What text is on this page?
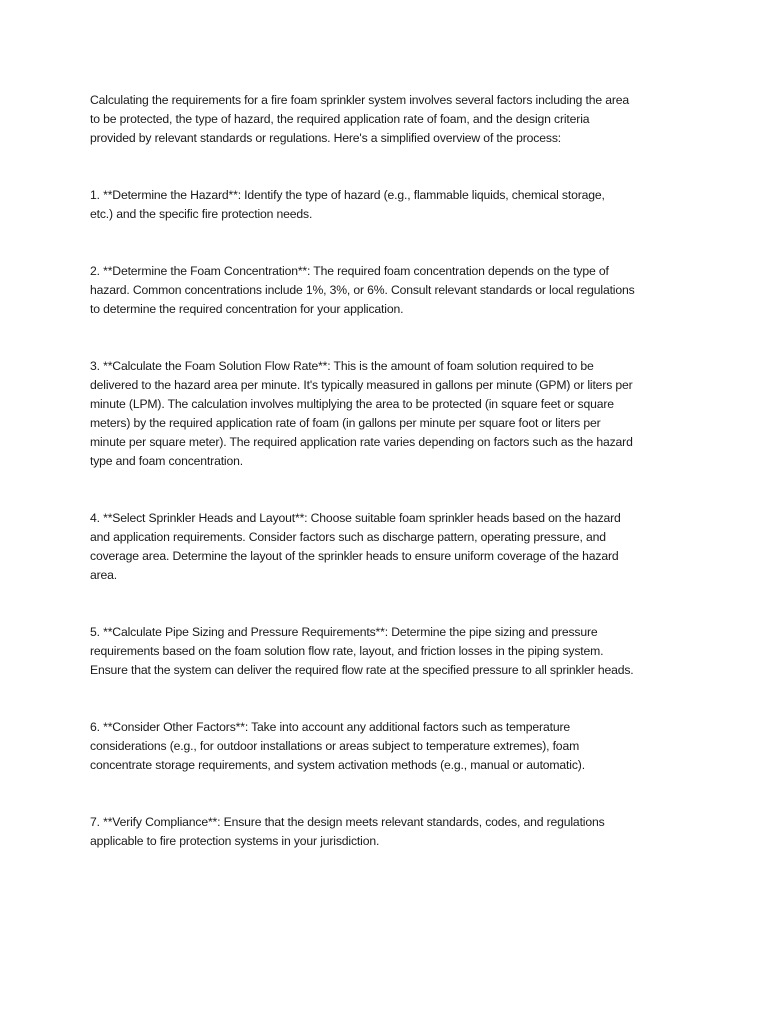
Calculating the requirements for a fire foam sprinkler system involves several factors including the area
to be protected, the type of hazard, the required application rate of foam, and the design criteria
provided by relevant standards or regulations. Here's a simplified overview of the process:

1. **Determine the Hazard**: Identify the type of hazard (e.g., flammable liquids, chemical storage,
etc.) and the specific fire protection needs.

2. **Determine the Foam Concentration**: The required foam concentration depends on the type of
hazard. Common concentrations include 1%, 3%, or 6%. Consult relevant standards or local regulations
to determine the required concentration for your application.

3. **Calculate the Foam Solution Flow Rate**: This is the amount of foam solution required to be
delivered to the hazard area per minute. It's typically measured in gallons per minute (GPM) or liters per
minute (LPM). The calculation involves multiplying the area to be protected (in square feet or square
meters) by the required application rate of foam (in gallons per minute per square foot or liters per
minute per square meter). The required application rate varies depending on factors such as the hazard
type and foam concentration.

4. **Select Sprinkler Heads and Layout**: Choose suitable foam sprinkler heads based on the hazard
and application requirements. Consider factors such as discharge pattern, operating pressure, and
coverage area. Determine the layout of the sprinkler heads to ensure uniform coverage of the hazard
area.

5. **Calculate Pipe Sizing and Pressure Requirements**: Determine the pipe sizing and pressure
requirements based on the foam solution flow rate, layout, and friction losses in the piping system.
Ensure that the system can deliver the required flow rate at the specified pressure to all sprinkler heads.

6. **Consider Other Factors**: Take into account any additional factors such as temperature
considerations (e.g., for outdoor installations or areas subject to temperature extremes), foam
concentrate storage requirements, and system activation methods (e.g., manual or automatic).

7. **Verify Compliance**: Ensure that the design meets relevant standards, codes, and regulations
applicable to fire protection systems in your jurisdiction.
